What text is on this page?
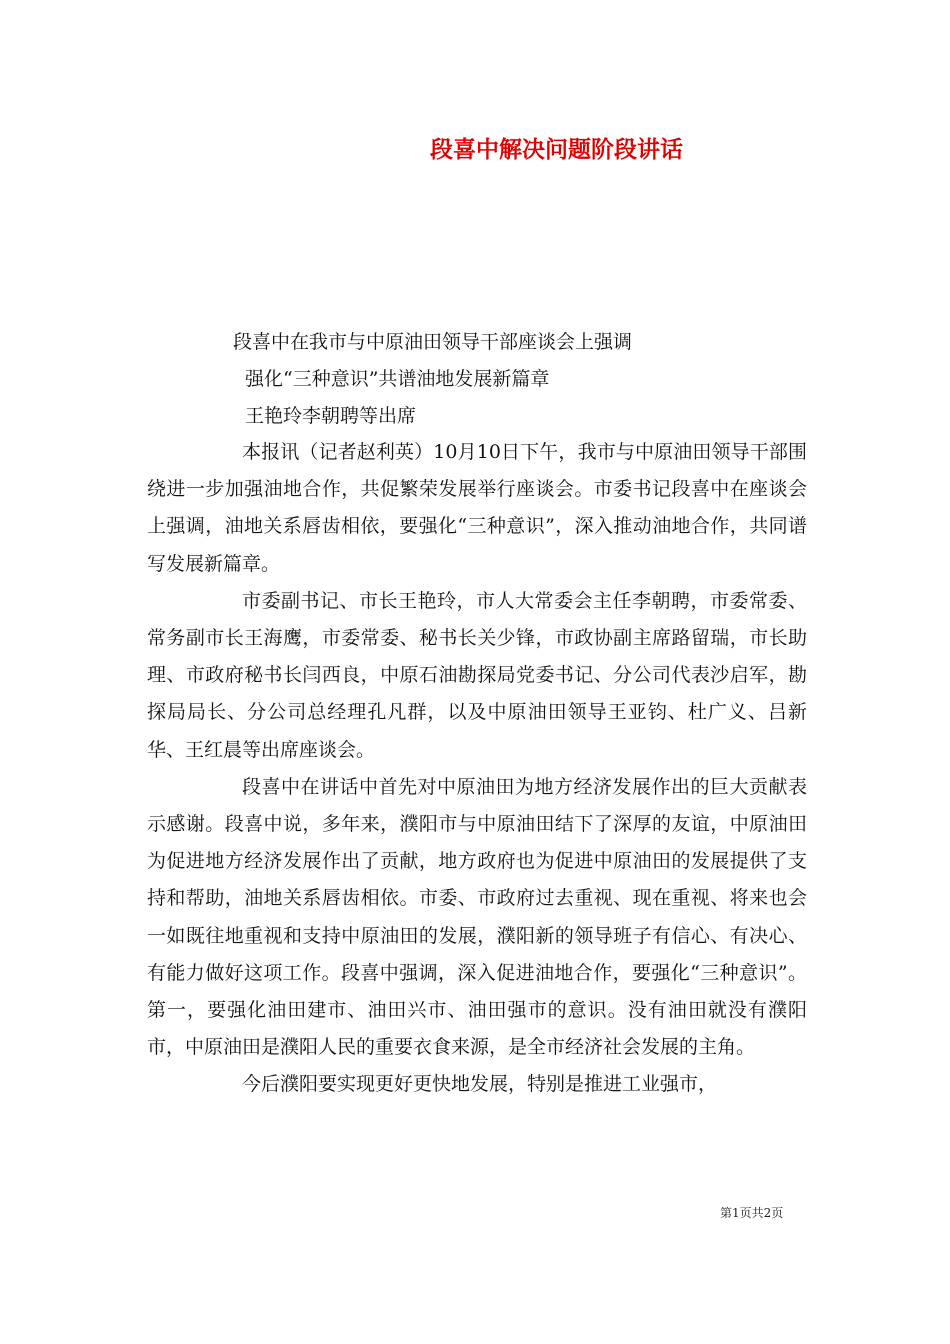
段喜中解决问题阶段讲话
段喜中在我市与中原油田领导干部座谈会上强调
强化“三种意识”共谱油地发展新篇章
王艳玲李朝聘等出席

本报讯（记者赵利英）10月10日下午，我市与中原油田领导干部围绕进一步加强油地合作，共促繁荣发展举行座谈会。市委书记段喜中在座谈会上强调，油地关系唇齿相依，要强化“三种意识”，深入推动油地合作，共同谱写发展新篇章。

市委副书记、市长王艳玲，市人大常委会主任李朝聘，市委常委、常务副市长王海鹰，市委常委、秘书长关少锋，市政协副主席路留瑞，市长助理、市政府秘书长闫西良，中原石油勘探局党委书记、分公司代表沙启军，勘探局局长、分公司总经理孔凡群，以及中原油田领导王亚钧、杜广义、吕新华、王红晨等出席座谈会。

段喜中在讲话中首先对中原油田为地方经济发展作出的巨大贡献表示感谢。段喜中说，多年来，濮阳市与中原油田结下了深厚的友谊，中原油田为促进地方经济发展作出了贡献，地方政府也为促进中原油田的发展提供了支持和帮助，油地关系唇齿相依。市委、市政府过去重视、现在重视、将来也会一如既往地重视和支持中原油田的发展，濮阳新的领导班子有信心、有决心、有能力做好这项工作。段喜中强调，深入促进油地合作，要强化“三种意识”。第一，要强化油田建市、油田兴市、油田强市的意识。没有油田就没有濮阳市，中原油田是濮阳人民的重要衣食来源，是全市经济社会发展的主角。

今后濮阳要实现更好更快地发展，特别是推进工业强市，

第1页共2页
